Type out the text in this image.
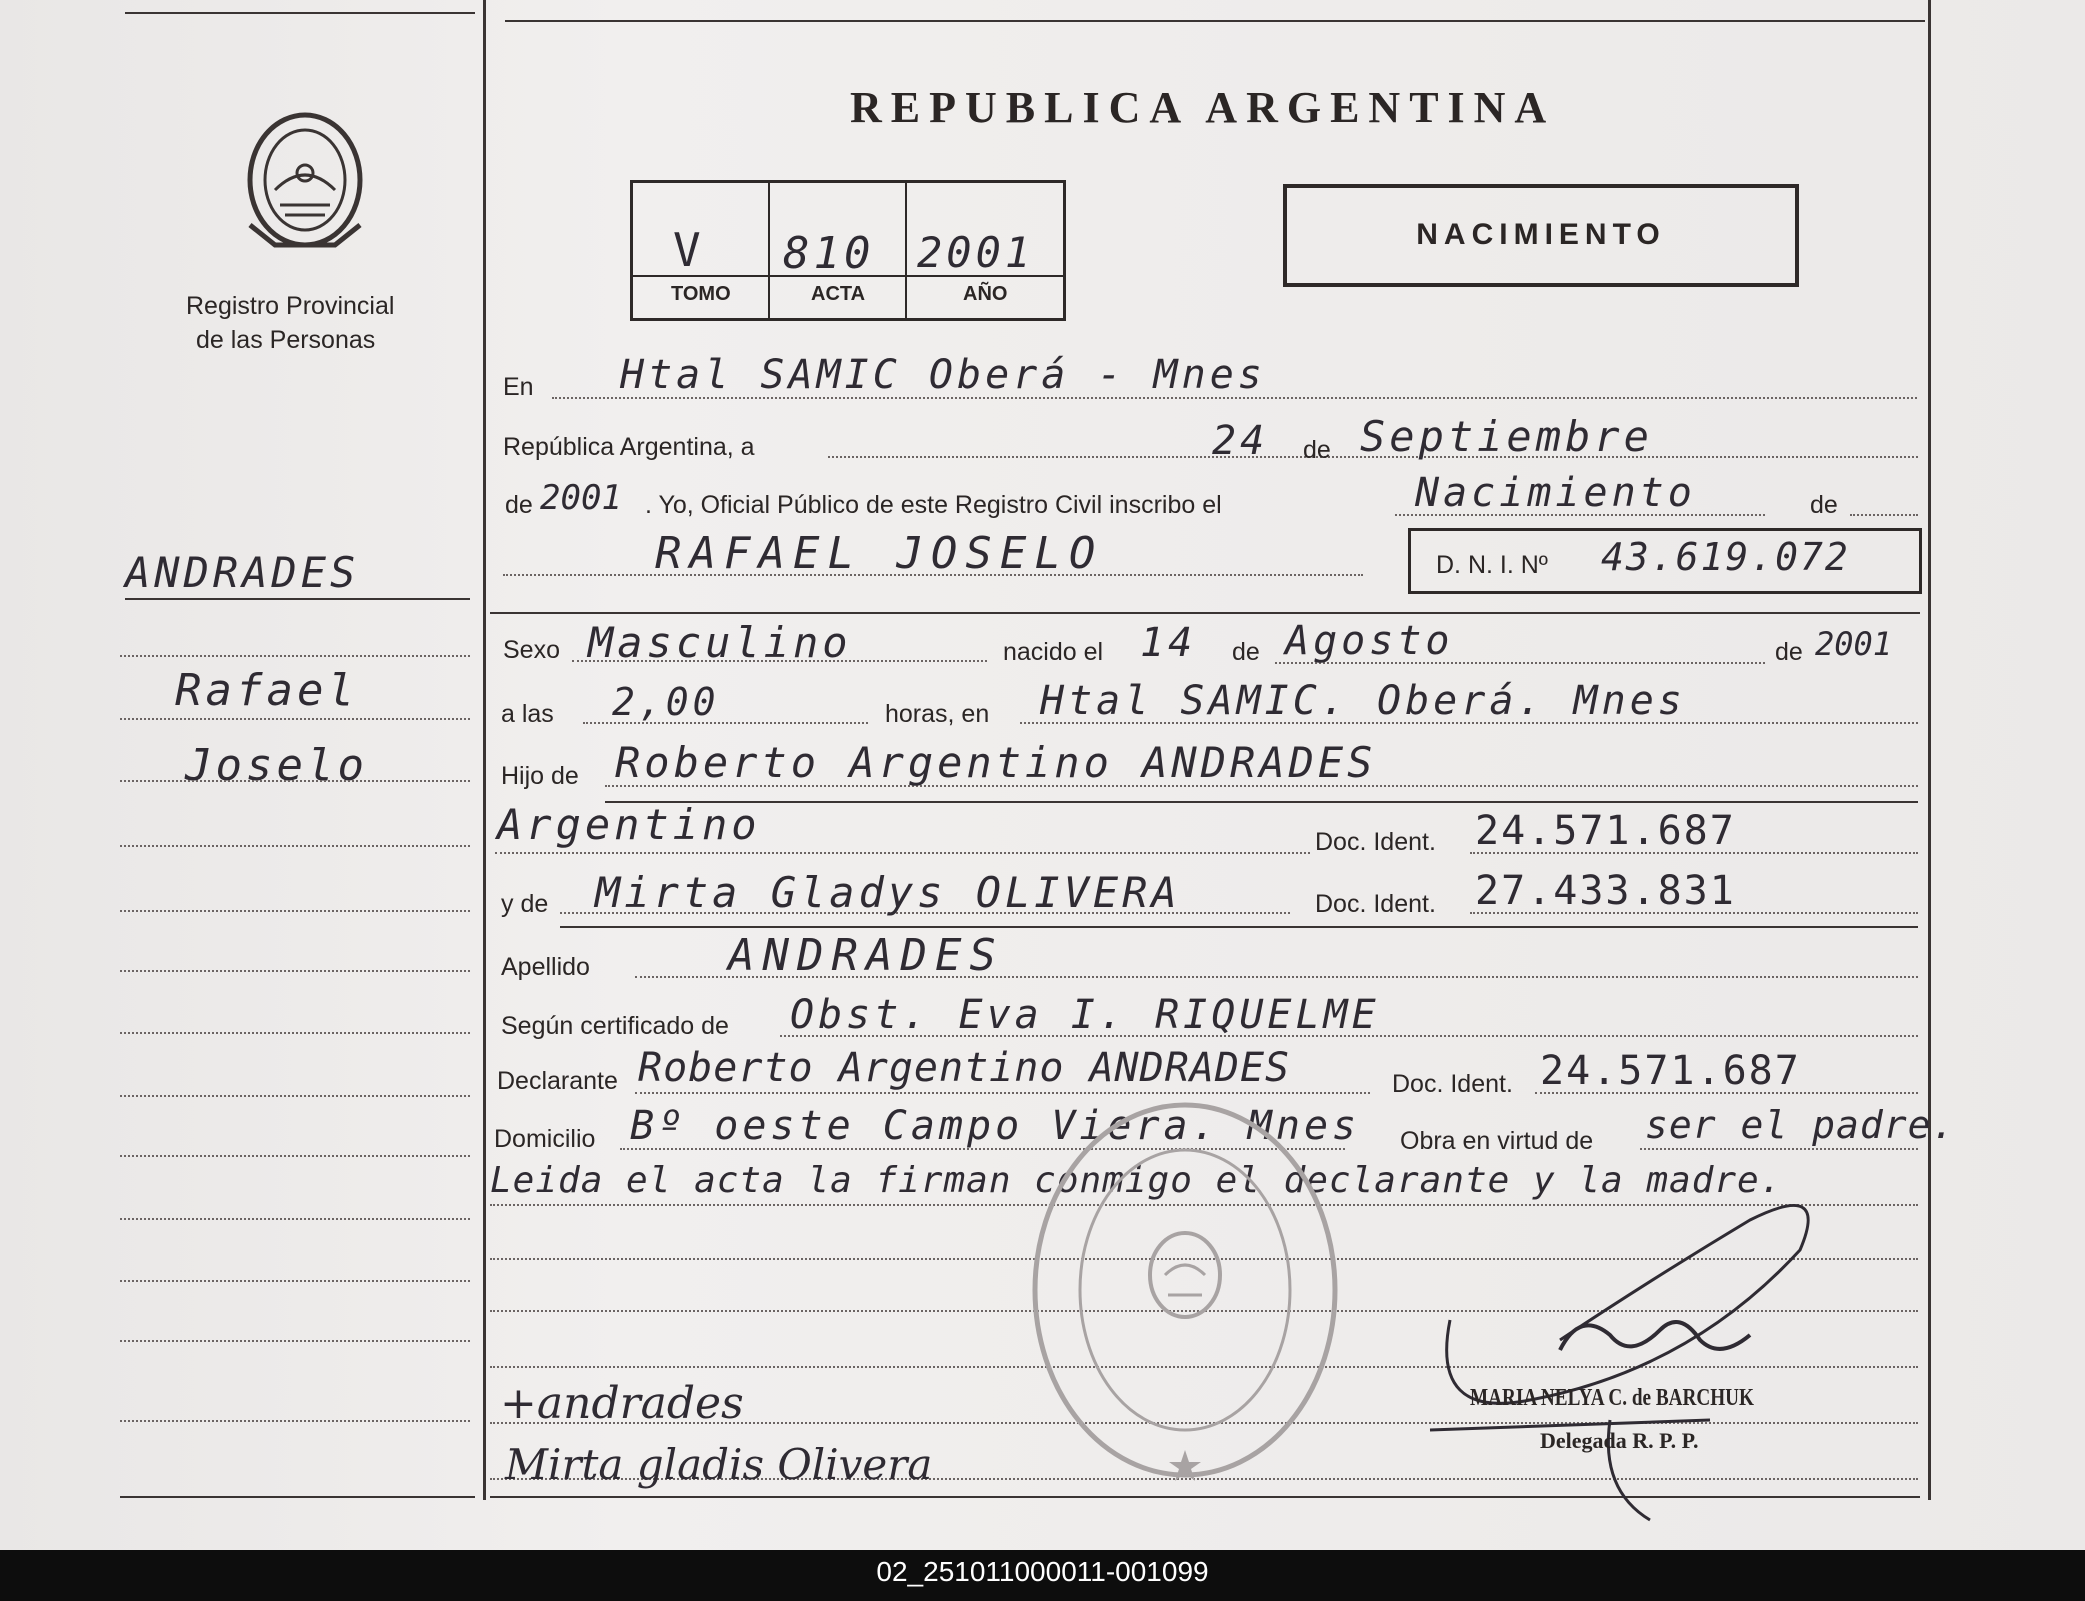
Registro Provincial
de las Personas
ANDRADES
Rafael
Joselo
REPUBLICA ARGENTINA
V 810 2001
TOMO	ACTA	AÑO
NACIMIENTO
En Htal SAMIC Oberá - Mnes
República Argentina, a	24 de Septiembre
de 2001 . Yo, Oficial Público de este Registro Civil inscribo el	Nacimiento	de
RAFAEL JOSELO	D. N. I. Nº 43.619.072
Sexo Masculino	nacido el 14 de Agosto	de 2001
a las 2,00	horas, en Htal SAMIC. Oberá. Mnes
Hijo de Roberto Argentino ANDRADES
Argentino	Doc. Ident. 24.571.687
y de Mirta Gladys OLIVERA	Doc. Ident. 27.433.831
Apellido	ANDRADES
Según certificado de Obst. Eva I. RIQUELME
Declarante Roberto Argentino ANDRADES	Doc. Ident. 24.571.687
Domicilio Bº oeste Campo Viera. Mnes Obra en virtud de ser el padre.
Leida el acta la firman conmigo el declarante y la madre.
+andrades
Mirta gladis Olivera
MARIA NELYA C. de BARCHUK
Delegada R. P. P.
02_251011000011-001099
